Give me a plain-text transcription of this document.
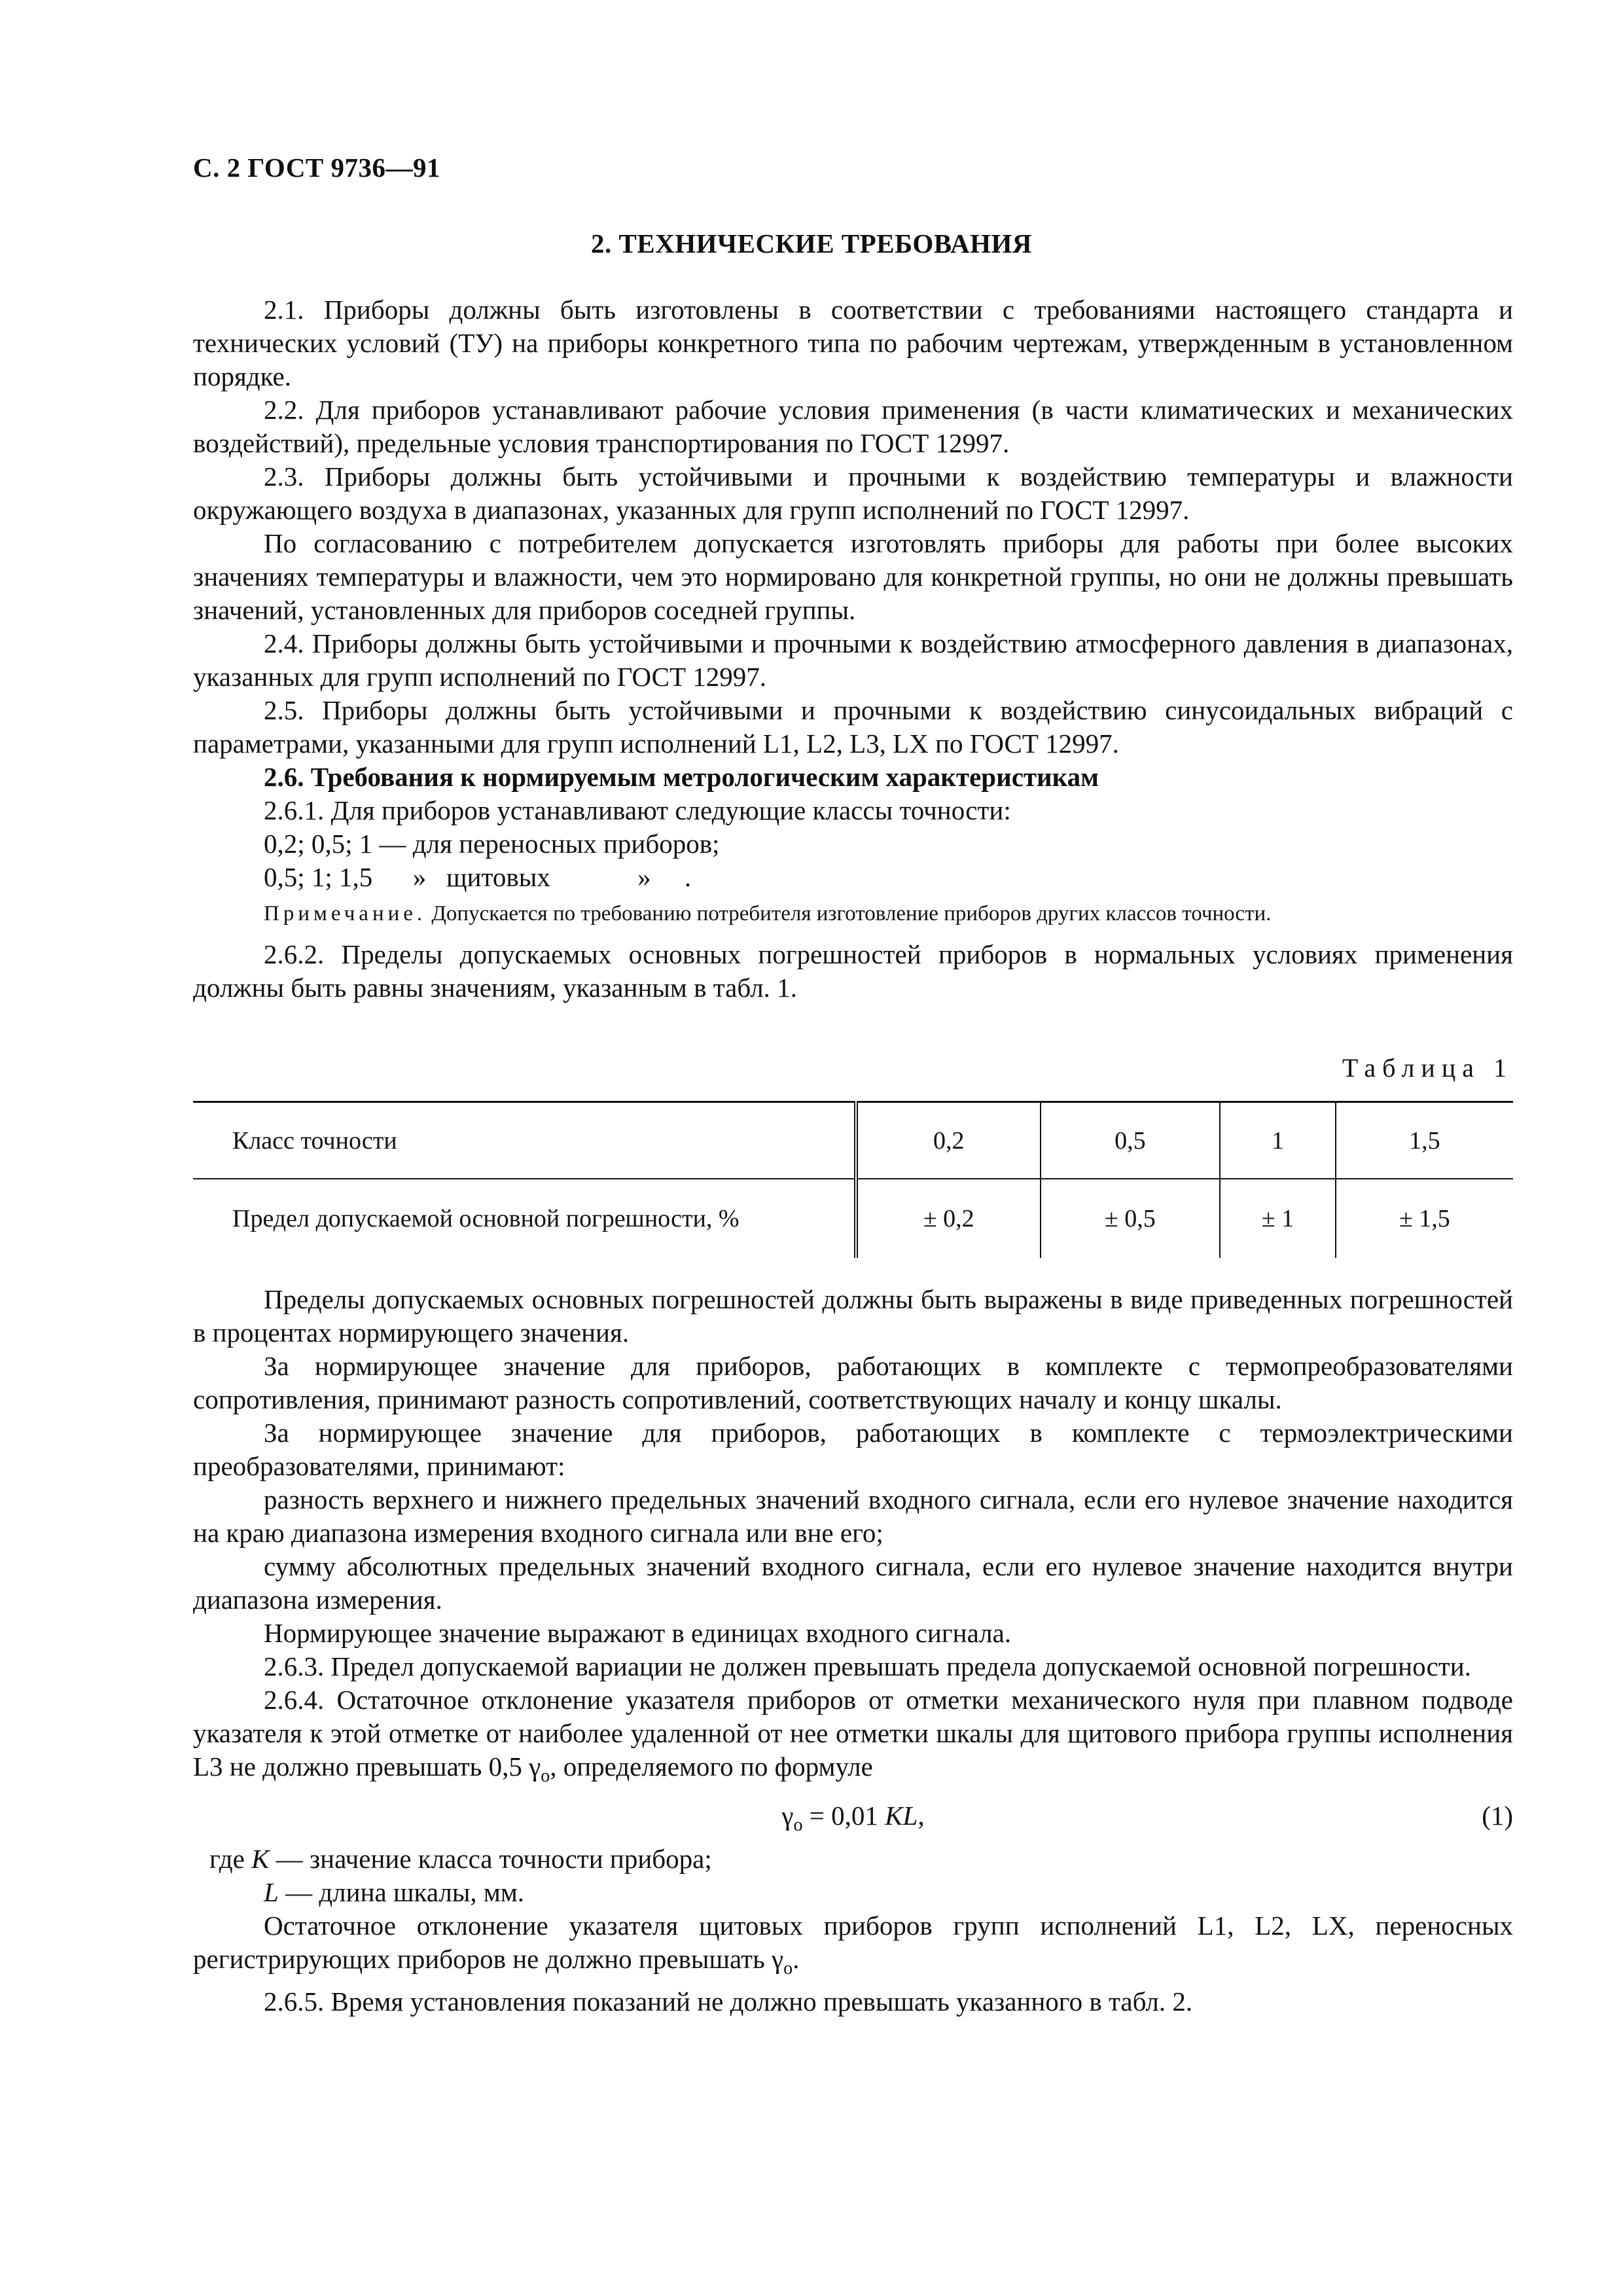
С. 2 ГОСТ 9736—91
2. ТЕХНИЧЕСКИЕ ТРЕБОВАНИЯ

2.1. Приборы должны быть изготовлены в соответствии с требованиями настоящего стандарта и технических условий (ТУ) на приборы конкретного типа по рабочим чертежам, утвержденным в установленном порядке.

2.2. Для приборов устанавливают рабочие условия применения (в части климатических и механических воздействий), предельные условия транспортирования по ГОСТ 12997.

2.3. Приборы должны быть устойчивыми и прочными к воздействию температуры и влажности окружающего воздуха в диапазонах, указанных для групп исполнений по ГОСТ 12997.

По согласованию с потребителем допускается изготовлять приборы для работы при более высоких значениях температуры и влажности, чем это нормировано для конкретной группы, но они не должны превышать значений, установленных для приборов соседней группы.

2.4. Приборы должны быть устойчивыми и прочными к воздействию атмосферного давления в диапазонах, указанных для групп исполнений по ГОСТ 12997.

2.5. Приборы должны быть устойчивыми и прочными к воздействию синусоидальных вибраций с параметрами, указанными для групп исполнений L1, L2, L3, LX по ГОСТ 12997.

2.6. Требования к нормируемым метрологическим характеристикам

2.6.1. Для приборов устанавливают следующие классы точности:

0,2; 0,5; 1 — для переносных приборов;

0,5; 1; 1,5      »   щитовых             »     .

Примечание. Допускается по требованию потребителя изготовление приборов других классов точности.

2.6.2. Пределы допускаемых основных погрешностей приборов в нормальных условиях применения должны быть равны значениям, указанным в табл. 1.

Таблица 1
Класс точности	0,2	0,5	1	1,5
Предел допускаемой основной погрешности, %	± 0,2	± 0,5	± 1	± 1,5

Пределы допускаемых основных погрешностей должны быть выражены в виде приведенных погрешностей в процентах нормирующего значения.

За нормирующее значение для приборов, работающих в комплекте с термопреобразователями сопротивления, принимают разность сопротивлений, соответствующих началу и концу шкалы.

За нормирующее значение для приборов, работающих в комплекте с термоэлектрическими преобразователями, принимают:

разность верхнего и нижнего предельных значений входного сигнала, если его нулевое значение находится на краю диапазона измерения входного сигнала или вне его;

сумму абсолютных предельных значений входного сигнала, если его нулевое значение находится внутри диапазона измерения.

Нормирующее значение выражают в единицах входного сигнала.

2.6.3. Предел допускаемой вариации не должен превышать предела допускаемой основной погрешности.

2.6.4. Остаточное отклонение указателя приборов от отметки механического нуля при плавном подводе указателя к этой отметке от наиболее удаленной от нее отметки шкалы для щитового прибора группы исполнения L3 не должно превышать 0,5 $\gamma_о$, определяемого по формуле

$\gamma_о = 0,01$ KL,	(1)

где K — значение класса точности прибора;

L — длина шкалы, мм.

Остаточное отклонение указателя щитовых приборов групп исполнений L1, L2, LX, переносных регистрирующих приборов не должно превышать $\gamma_о$.

2.6.5. Время установления показаний не должно превышать указанного в табл. 2.
